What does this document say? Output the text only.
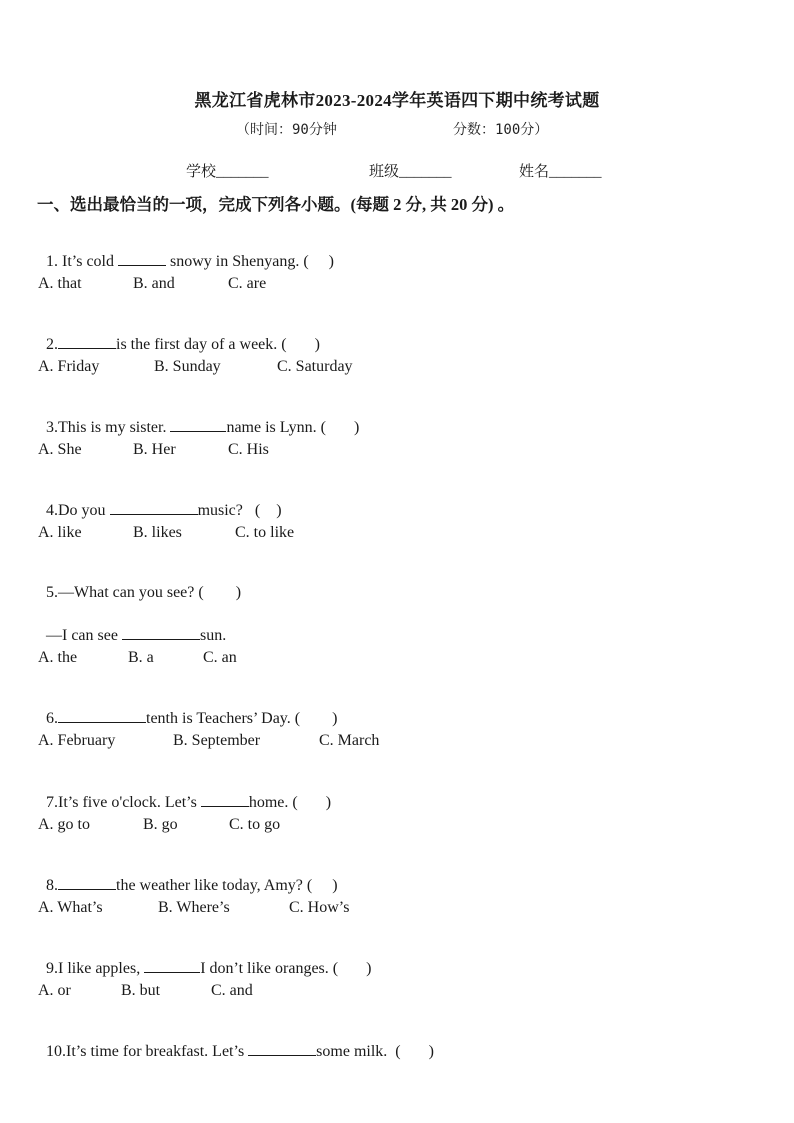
黑龙江省虎林市2023-2024学年英语四下期中统考试题
（时间：90分钟	分数：100分）
学校_______	班级_______	姓名_______
一、选出最恰当的一项，完成下列各小题。(每题 2 分, 共 20 分) 。

1. It’s cold	snowy in Shenyang. (     )

A. that	B. and	C. are

2.	is the first day of a week. (       )

A. Friday	B. Sunday	C. Saturday

3.This is my sister.	name is Lynn. (       )

A. She	B. Her	C. His

4.Do you	music?   (    )

A. like	B. likes	C. to like

5.—What can you see? (        )

—I can see	sun.

A. the	B. a	C. an

6.	tenth is Teachers’ Day. (        )

A. February	B. September	C. March

7.It’s five o'clock. Let’s	home. (       )

A. go to	B. go	C. to go

8.	the weather like today, Amy? (     )

A. What’s	B. Where’s	C. How’s

9.I like apples,	I don’t like oranges. (       )

A. or	B. but	C. and

10.It’s time for breakfast. Let’s	some milk.  (       )
